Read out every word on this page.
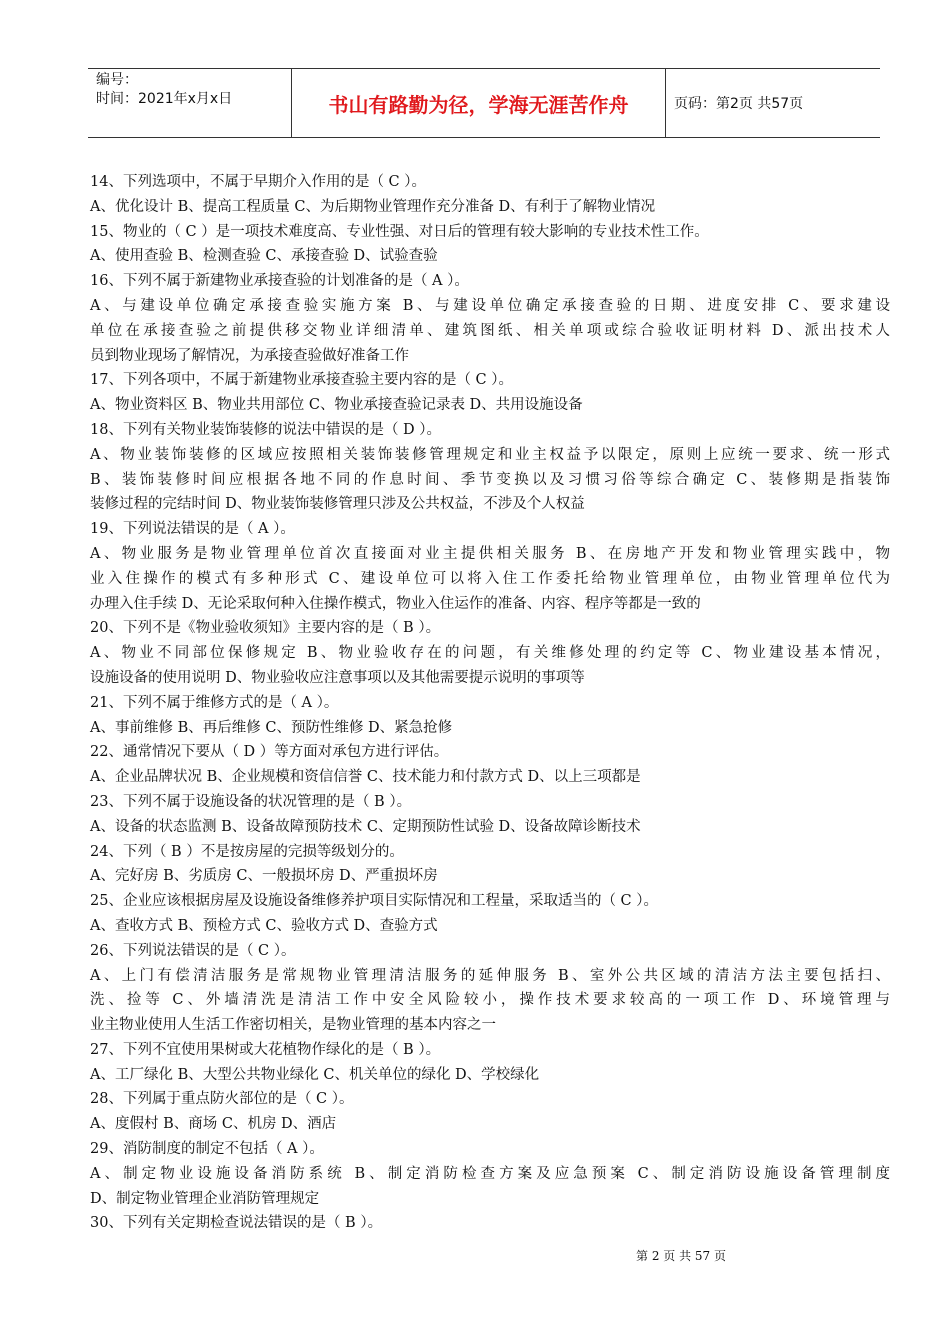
编号：
时间：2021年x月x日	书山有路勤为径，学海无涯苦作舟	页码：第2页 共57页
14、下列选项中，不属于早期介入作用的是（ C ）。
A、优化设计 B、提高工程质量 C、为后期物业管理作充分准备 D、有利于了解物业情况
15、物业的（ C ）是一项技术难度高、专业性强、对日后的管理有较大影响的专业技术性工作。
A、使用查验 B、检测查验 C、承接查验 D、试验查验
16、下列不属于新建物业承接查验的计划准备的是（ A ）。
A、与建设单位确定承接查验实施方案 B、与建设单位确定承接查验的日期、进度安排 C、要求建设
单位在承接查验之前提供移交物业详细清单、建筑图纸、相关单项或综合验收证明材料 D、派出技术人
员到物业现场了解情况，为承接查验做好准备工作
17、下列各项中，不属于新建物业承接查验主要内容的是（ C ）。
A、物业资料区 B、物业共用部位 C、物业承接查验记录表 D、共用设施设备
18、下列有关物业装饰装修的说法中错误的是（ D ）。
A、物业装饰装修的区域应按照相关装饰装修管理规定和业主权益予以限定，原则上应统一要求、统一形式
B、装饰装修时间应根据各地不同的作息时间、季节变换以及习惯习俗等综合确定 C、装修期是指装饰
装修过程的完结时间 D、物业装饰装修管理只涉及公共权益，不涉及个人权益
19、下列说法错误的是（ A ）。
A、物业服务是物业管理单位首次直接面对业主提供相关服务 B、在房地产开发和物业管理实践中，物
业入住操作的模式有多种形式 C、建设单位可以将入住工作委托给物业管理单位，由物业管理单位代为
办理入住手续 D、无论采取何种入住操作模式，物业入住运作的准备、内容、程序等都是一致的
20、下列不是《物业验收须知》主要内容的是（ B ）。
A、物业不同部位保修规定 B、物业验收存在的问题，有关维修处理的约定等 C、物业建设基本情况，
设施设备的使用说明 D、物业验收应注意事项以及其他需要提示说明的事项等
21、下列不属于维修方式的是（ A ）。
A、事前维修 B、再后维修 C、预防性维修 D、紧急抢修
22、通常情况下要从（ D ）等方面对承包方进行评估。
A、企业品牌状况 B、企业规模和资信信誉 C、技术能力和付款方式 D、以上三项都是
23、下列不属于设施设备的状况管理的是（ B ）。
A、设备的状态监测 B、设备故障预防技术 C、定期预防性试验 D、设备故障诊断技术
24、下列（ B ）不是按房屋的完损等级划分的。
A、完好房 B、劣质房 C、一般损坏房 D、严重损坏房
25、企业应该根据房屋及设施设备维修养护项目实际情况和工程量，采取适当的（ C ）。
A、查收方式 B、预检方式 C、验收方式 D、查验方式
26、下列说法错误的是（ C ）。
A、上门有偿清洁服务是常规物业管理清洁服务的延伸服务 B、室外公共区域的清洁方法主要包括扫、
洗、捡等 C、外墙清洗是清洁工作中安全风险较小，操作技术要求较高的一项工作 D、环境管理与
业主物业使用人生活工作密切相关，是物业管理的基本内容之一
27、下列不宜使用果树或大花植物作绿化的是（ B ）。
A、工厂绿化 B、大型公共物业绿化 C、机关单位的绿化 D、学校绿化
28、下列属于重点防火部位的是（ C ）。
A、度假村 B、商场 C、机房 D、酒店
29、消防制度的制定不包括（ A ）。
A、制定物业设施设备消防系统 B、制定消防检查方案及应急预案 C、制定消防设施设备管理制度
D、制定物业管理企业消防管理规定
30、下列有关定期检查说法错误的是（ B ）。
第 2 页 共 57 页
